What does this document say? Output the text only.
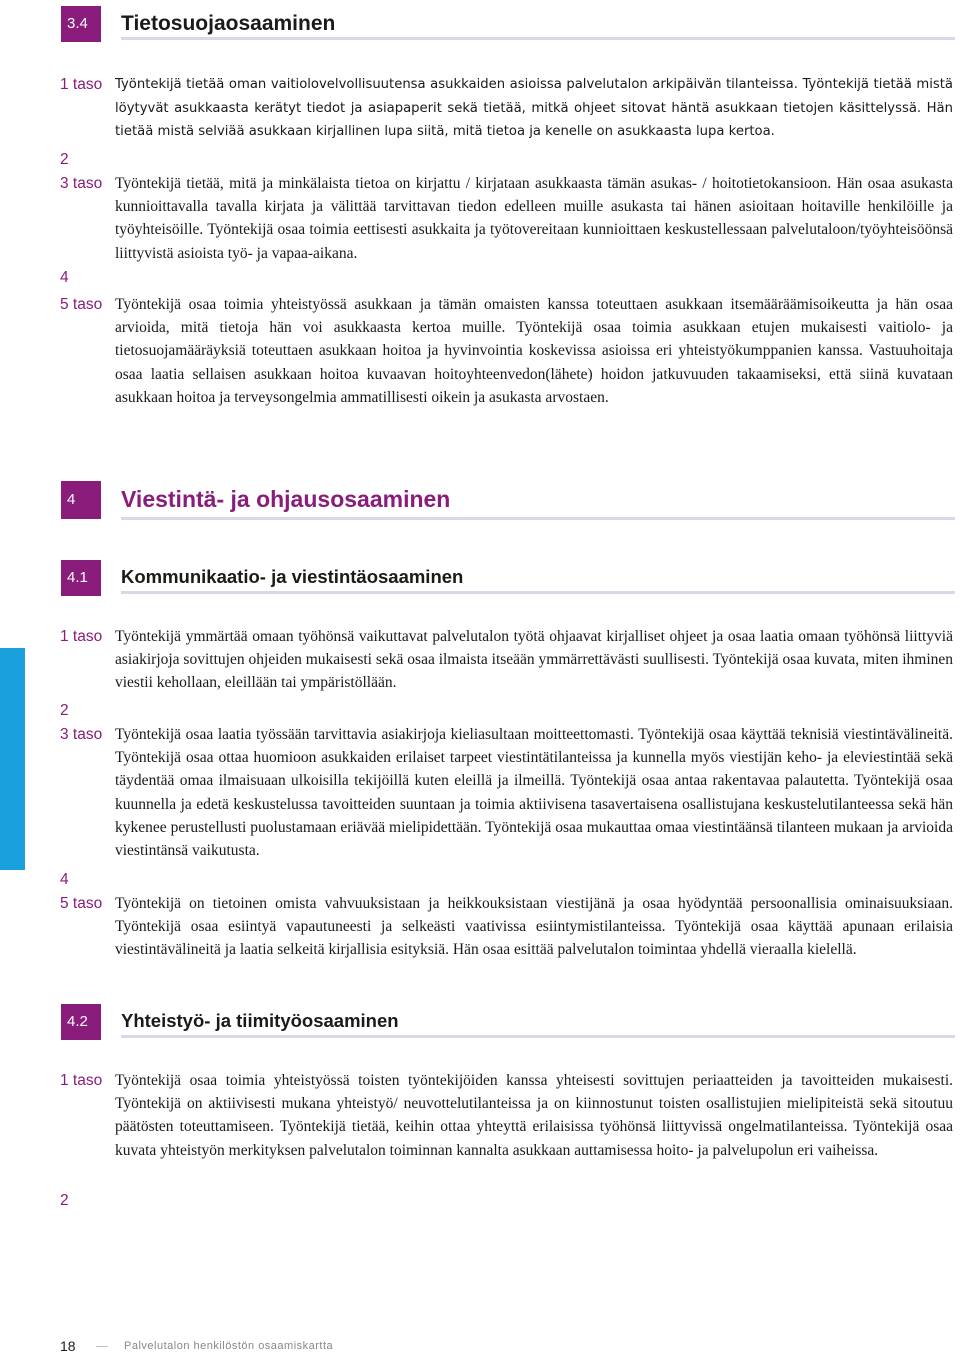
3.4	Tietosuojaosaaminen
1 taso Työntekijä tietää oman vaitiolovelvollisuutensa asukkaiden asioissa palvelutalon arkipäivän tilanteissa. Työntekijä tietää mistä löytyvät asukkaasta kerätyt tiedot ja asiapaperit sekä tietää, mitkä ohjeet sitovat häntä asukkaan tietojen käsittelyssä. Hän tietää mistä selviää asukkaan kirjallinen lupa siitä, mitä tietoa ja kenelle on asukkaasta lupa kertoa.

2
3 taso Työntekijä tietää, mitä ja minkälaista tietoa on kirjattu / kirjataan asukkaasta tämän asukas- / hoitotietokansioon. Hän osaa asukasta kunnioittavalla tavalla kirjata ja välittää tarvittavan tiedon edelleen muille asukasta tai hänen asioitaan hoitaville henkilöille ja työyhteisöille. Työntekijä osaa toimia eettisesti asukkaita ja työtovereitaan kunnioittaen keskustellessaan palvelutaloon/työyhteisöönsä liittyvistä asioista työ- ja vapaa-aikana.

4
5 taso Työntekijä osaa toimia yhteistyössä asukkaan ja tämän omaisten kanssa toteuttaen asukkaan itsemääräämisoikeutta ja hän osaa arvioida, mitä tietoja hän voi asukkaasta kertoa muille. Työntekijä osaa toimia asukkaan etujen mukaisesti vaitiolo- ja tietosuojamääräyksiä toteuttaen asukkaan hoitoa ja hyvinvointia koskevissa asioissa eri yhteistyökumppanien kanssa. Vastuuhoitaja osaa laatia sellaisen asukkaan hoitoa kuvaavan hoitoyhteenvedon(lähete) hoidon jatkuvuuden takaamiseksi, että siinä kuvataan asukkaan hoitoa ja terveysongelmia ammatillisesti oikein ja asukasta arvostaen.

4	Viestintä- ja ohjausosaaminen
4.1	Kommunikaatio- ja viestintäosaaminen
1 taso Työntekijä ymmärtää omaan työhönsä vaikuttavat palvelutalon työtä ohjaavat kirjalliset ohjeet ja osaa laatia omaan työhönsä liittyviä asiakirjoja sovittujen ohjeiden mukaisesti sekä osaa ilmaista itseään ymmärrettävästi suullisesti. Työntekijä osaa kuvata, miten ihminen viestii kehollaan, eleillään tai ympäristöllään.

2
3 taso Työntekijä osaa laatia työssään tarvittavia asiakirjoja kieliasultaan moitteettomasti. Työntekijä osaa käyttää teknisiä viestintävälineitä. Työntekijä osaa ottaa huomioon asukkaiden erilaiset tarpeet viestintätilanteissa ja kunnella myös viestijän keho- ja eleviestintää sekä täydentää omaa ilmaisuaan ulkoisilla tekijöillä kuten eleillä ja ilmeillä. Työntekijä osaa antaa rakentavaa palautetta. Työntekijä osaa kuunnella ja edetä keskustelussa tavoitteiden suuntaan ja toimia aktiivisena tasavertaisena osallistujana keskustelutilanteessa sekä hän kykenee perustellusti puolustamaan eriävää mielipidettään. Työntekijä osaa mukauttaa omaa viestintäänsä tilanteen mukaan ja arvioida viestintänsä vaikutusta.

4
5 taso Työntekijä on tietoinen omista vahvuuksistaan ja heikkouksistaan viestijänä ja osaa hyödyntää persoonallisia ominaisuuksiaan. Työntekijä osaa esiintyä vapautuneesti ja selkeästi vaativissa esiintymistilanteissa. Työntekijä osaa käyttää apunaan erilaisia viestintävälineitä ja laatia selkeitä kirjallisia esityksiä. Hän osaa esittää palvelutalon toimintaa yhdellä vieraalla kielellä.

4.2	Yhteistyö- ja tiimityöosaaminen
1 taso Työntekijä osaa toimia yhteistyössä toisten työntekijöiden kanssa yhteisesti sovittujen periaatteiden ja tavoitteiden mukaisesti. Työntekijä on aktiivisesti mukana yhteistyö/ neuvottelutilanteissa ja on kiinnostunut toisten osallistujien mielipiteistä sekä sitoutuu päätösten toteuttamiseen. Työntekijä tietää, keihin ottaa yhteyttä erilaisissa työhönsä liittyvissä ongelmatilanteissa. Työntekijä osaa kuvata yhteistyön merkityksen palvelutalon toiminnan kannalta asukkaan auttamisessa hoito- ja palvelupolun eri vaiheissa.

2
18 — Palvelutalon henkilöstön osaamiskartta
